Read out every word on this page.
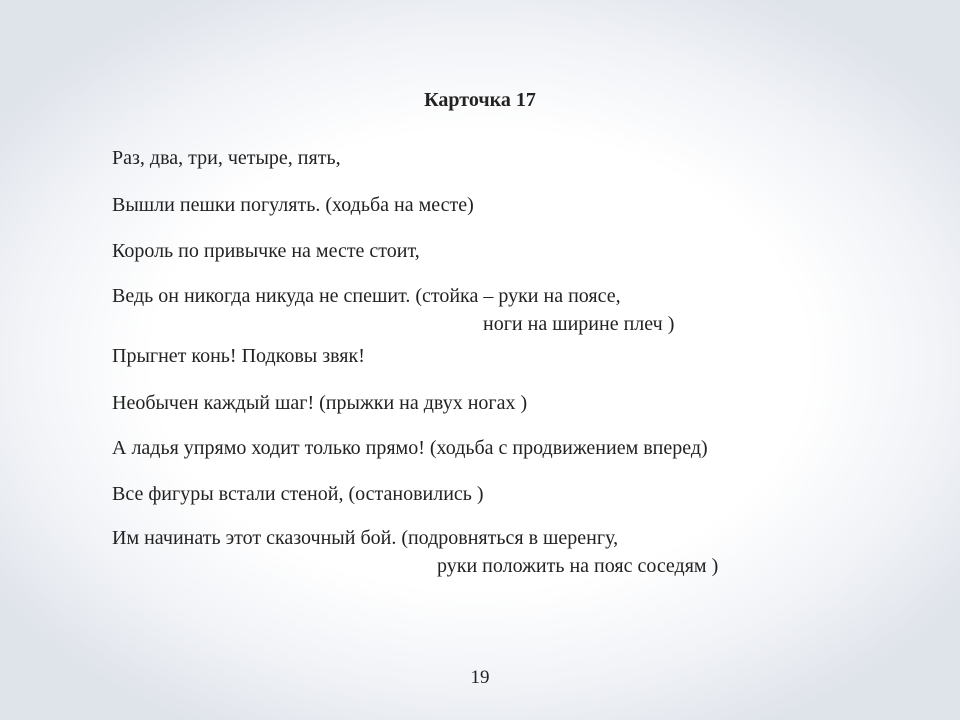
Карточка 17
Раз, два, три, четыре, пять,
Вышли пешки погулять. (ходьба на месте)
Король по привычке на месте стоит,
Ведь он никогда никуда не спешит. (стойка – руки на поясе,
ноги на ширине плеч )
Прыгнет конь! Подковы звяк!
Необычен каждый шаг! (прыжки на двух ногах )
А ладья упрямо ходит только прямо! (ходьба с продвижением вперед)
Все фигуры встали стеной, (остановились )
Им начинать этот сказочный бой. (подровняться в шеренгу,
руки положить на пояс соседям )
19
